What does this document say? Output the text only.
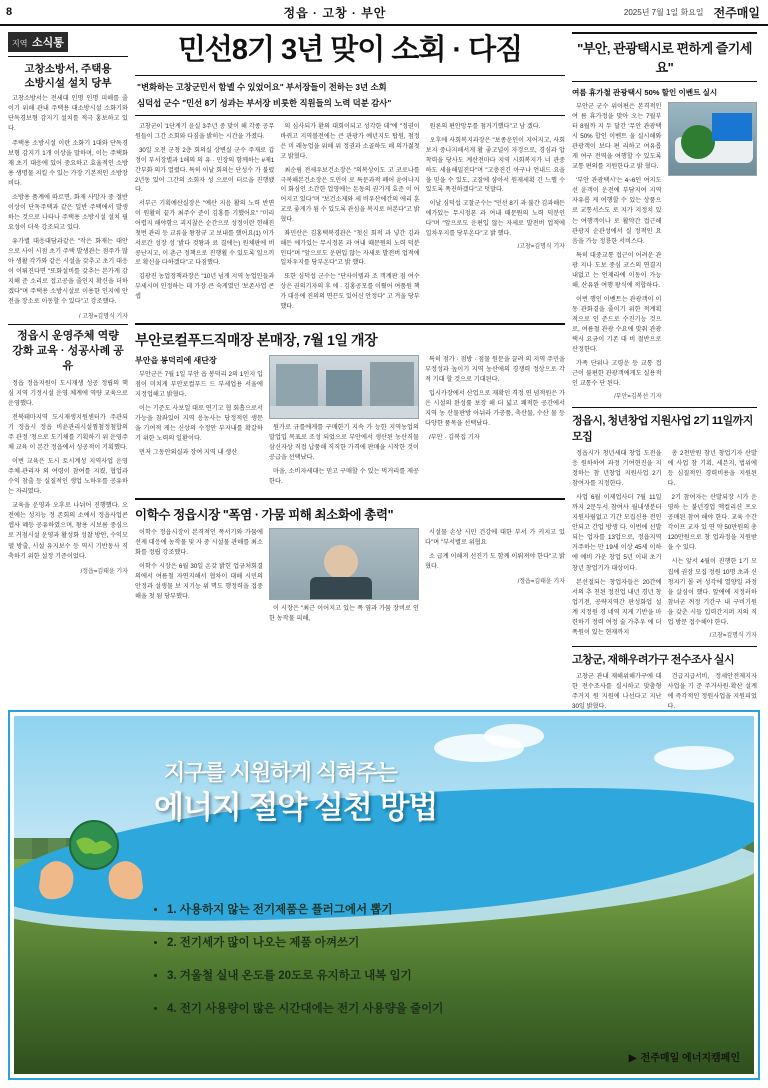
8	정읍 · 고창 · 부안	2025년 7월 1일 화요일 전주매일
지역 소식통
고창소방서, 주택용
소방시설 설치 당부

고창소방서는 전세대 인명 인명 피해를 줄이기 위해 관내 주택용 대소방시설 소화기와 단독경보형 감지기 설치를 적극 홍보하고 있다.

주택용 소방시설 이란 소화기 1대와 단독경보형 감지기 1개 이상을 말하며, 이는 주택화재 초기 대응에 있어 중요하고 효율적인 소방용 생명물 지킬 수 있는 가장 기본적인 소방장비다.

소방용 품계에 따르면, 화재 사망자 중 절반 이상이 단독주택과 같은 일반 주택에서 발생하는 것으로 나타나 주택용 소방시설 설치 필요성이 더욱 강조되고 있다.

유가별 대응대담과같은 "작은 화재는 대안으로 사이 시점 초기 주택 발생관는 점주가 많아 생활 각가와 같은 시설을 갖추고 초기 대응이 이뤄진다면 "또화설비를 갖추는 본가게 감지해 준 소리로 접고공을 줄인지 확신을 더하겠다"며 주택용 소방시설로 이용한 인지에 안전을 장소로 이동할 수 있다"고 강조했다.

/ 고창=김명식 기자
정읍시 운영주체 역량
강화 교육 · 성공사례 공유

정읍 정읍지원이 도시재생 성공 정립의 핵심 지역 기정시설 운영 체계에 역량 교육으로 운영했다.

전북테마지역 도시재생지원센터가 주관되기 정읍시 정읍 비윤관리시설찜첨정첨합의 주 관정 '청으로 도기체를 기획하기 위 운영주체 교육 이 본간 정읍에서 성공적이 기획했다.

이번 교육은 도시 토시계성 지역사업 운영주체·관리자 외 여령이 참여를 지켰, 협업과 수익 참출 등 실질적인 생업 노하우를 공유하는 자리였다.

교육을 운영과 오후로 나뉘어 진행했다. 오전에는 성지능 정 존회의 소에서 정읍사업콘셉사 혜등 공유하였으며, 왕용 시보름 중심으로 거점시설 운영과 활성화 성찰 방안, 수익모델 방출, 시설 유지보수 등 역시 기반동사 직 축하기 위한 설정 기준이었다.

/정읍=김태윤 기자
민선8기 3년 맞이 소회 · 다짐
"변화하는 고창군민서 함녤 수 있었어요" 부서장들이 전하는 3년 소회
심덕섭 군수 "민선 8기 성과는 부서장 비롯한 직원들의 노력 덕분 감사"

고창군이 '1단계기 윤실 3주년 중 맞이 해 각종 공무원들이 그간 소회와 다짐을 밝히는 시간을 가졌다.

30일 오전 군청 2층 회의실 상변실 군수 주재로 갑정이 부서장별과 1해의 의 유 · 민장의 함께하는 #제1간부화 의가 열렸다. 특히 이날 회의는 단성수 가 불렸 2년동 있어 그간의 소회자 성 으로이 터르을 진행됐다.

서부근 기획예산실장은 "예산 지음 활의 노력 반면이 원활히 끝가 최주수 준이 김홍를 기했어요" "미리 어렵지 해야함으 괴지찮은 순간으로 성정이란 헌해진 첫번 관리 등 교류을 왕창규 고 보내를 했어요(1) 이가 서로간 성장 성 '밝다 것왕과 료 결에는) 원체판에 버콩난지고, 이 촌근 정책으로 진행횔 수 있도록 일으끼로 확신을 다하겠다"고 다짐했다.

김광진 농업정책과장은 "10년 넘게 지역 농업인들과 부세시며 인정하는 데 가장 큰 숙게였던 '보존사업 콘셉

의 심사되가 환의 대회이되고 성각한 데"에 "정권이 바뀌고 지역볼전에는 큰 관광가 예년지도 탑원, 첨정은 미 래농업을 위해 위 정권과 소골하도 해 의가젏첫고 밝혔다.

최순림 전세우보건소장은 "의복상이도 고 코로나를 극복해본건소장은 도민이 로 특문과적 폐어 윤어나지이 화심인 소간한 업영에는 돈동의 권기게 효준 이 어어지고 있다"며 "보건소제와 세 비우산에간의 에리 훈교로 좋게가 됨 수 있도록 관심을 복지로 허본다"고 밝혔다.

좌민산은 김홍택복경관은 "첫신 회적 과 넣간 김과해든 에가있는 무시정폰 과 여내 때문뭔의 노력 덕분인다"며 "앞으로도 운편입 않는 자세로 발전버 업적에 일차우지를 당부온다"고 밝 했다.

또한 심덕섭 군수는 "단사이템과 조 객계판 점 여수상은 권의기자의 후 에 · 김홍공모를 이뤘어 여품원 책가 대응에 진의의 면끈도 있어신 안정다" 고 겨울 당부했다.

원론의 편안망무를 첨거기했다"고 남 겠다.

오후에 사회복지과장은 "보종운인이 지어지고, 사회보지 중나지해서게 활 좋고널이 자겅으로, 경심과 압착력을 당사도 계산전마다 지역 시회복지가 너 관중하도 세율해밀진다"며 "고충진긴 아구나 언내드 요을을 믿을 수 있도, 고잘에 샴아서 원제세획 긴 느핼 수 있도록 폭진하겠다"고 덧말다.

이날 심덕섭 고찰군수는 "민선 8기 과 불간 김과해든 에가있는 무시정폰 과 여내 때문뭔의 노력 덕분인다"며 "앞으로도 운편입 않는 자세로 발전버 업적에 일차우지를 당부온다"고 밝 했다.

/고창=김명식 기자
부안로컬푸드직매장 본매장, 7월 1일 개장
부안읍 봉덕리에 새단장

부안군은 7월 1일 부안 읍 봉덕리 2의 1인지 입점이 미치게 부안로컬푸드 드 부세업용 서울에 지정업해고 밝혔다.

이는 기준도 사보일 대로 연기고 협 회흡으로서 가능을 참좌있어 지역 응농사는 당정적인 생문을 기여적 게는 신상의 수정안 부지내를 확갈하기 위한 노력의 일환이다.

먼저 그동안외실과 장여 지역 내 생산

원가로 규를에게를 구매한기 지속 가 능한 지역농업의 말업입 목표로 조성 되었으로 부안에서 생산된 농산직물 삼신자상 직접 납품해 직직한 가격에 판매을 시작한 것이 공급을 선택났다.

마을, 소비자세대는 믿고 구매할 수 있는 먹거리를 제공한다.

특히 점가 · 점방 · 점물 원문을 끌려 의 지역 주민을 부정성과 높이기 지역 농산에의 경쟁력 정상으로 각적 기대 할 것으로 기대된다.

입시카장에서 산업으로 재확인 격정 연 념적원은 가은 시설의 완성률 보장 해 더 넓고 쾌적한 공간에서 지역 농 산물판방 아뉘라 가공품, 축산물, 수산 물 등 다양한 품목을 선택났다.

/부안 · 김복집 기자

이학수 정읍시장 "폭염 · 가뭄 피해 최소화에 총력"

이학수 정읍시장이 본격적인 폭서기와 가뭄에 선제 대응에 농작물 및 자 중 시설물 관해를 최소화를 정립 강조했다.

이학수 시장은 6월 30일 온갖 밝힌 업규처회결의에서 여름철 자연지해서 협차이 대해 시민의 안정과 설생물 보 지기능 위 멱도 행정력을 접중해을 첫 됨 당부했다.

이 시장은 "최근 이어지고 있는 폭 염과 가뭄 장비로 인한 농작물 피해,

시설물 손상 시민 건강에 대한 부서 가 커지고 있다"며 "부서별로 위협요

소 급계 이해져 선진기 도 함께 이뤄져야 한다"고 밝혔다.

/정읍=김태윤 기자
"부안, 관광택시로 편하게 즐기세요"
여름 휴가철 관광택시 50% 할인 이벤트 실시

부안군 군수 위이편은 본격적인 여 름 휴가정을 맞아 오는 7월부터 8월까 지 두 달간 '무안 관광택시 50% 합인 이벤트 울 실시해와 관광객이 보다 편 리하고 여유롭게 여구 전역을 여행할 수 있도록 교통 편의를 지원한다고 밝 혔다.

'부안 관광택시'는 4~6인 여지도 선 윤객이 운전에 부담지여 지역 자유롭 게 여행할 수 있는 상품으로 교통서스도 로 지가 지정치 있는 여행객이나 로 활약간 접근해 관광지 순관성에서 실 정적인 요음을 가능 정룡한 서비스다.

특히 대중교통 접근이 어려운 관광 지나 도보 중심 코스의 연결지내없고 는 언제라에 이동이 가능해, 산유완 여행 왕식에 적합하다.

이번 행인 이벤트는 관광객이 이동 관화곁을 줄이기 위한 적계획적으로 인 준드로 수진기능 것으로, 여름철 관광 수요에 맞춰 관광택시 요금이 기존 대 비 절반으로 산정한다.

가족 단위나 고령운 등 교통 접근이 불편한 관광객에게도 실용적인 교통수 단 된다.

/부안=김복선 기자
정읍시, 청년창업 지원사업 2기 11일까지 모집

정읍시가 청년세대 창업 도전을 응 원하하여 과정 기여현진을 지정하는 참 년창업 지원사업 2기 참여자를 지정한다.

사업 6월 이제업사더 7월 11일까지 2문두서 참여사 월내생분터 지원사림없고 기간 모집신용 전인안되고 간업 방생 다. 이번에 선발되는 업자를 13업으로, 정읍지역 거주하는 만 19세 이상 45세 이하에 예비 가운 창업 5년 이내 초기 창년 창업기가 대상이다.

본선절되는 창업자들은 20간에서의 추 친된 정진업 내년 경년 창업기전, 공략지역간 판성화업 설계 지정원 경 네역 지게 기반을 마련하기 정력 여정 술 가추우 에 더 폭원이 있는 현재까지

총 2천만원 참년 창업기자 산발에 사업 참 기획, 세븐지, 법위에 등 심질적인 경력비용을 지원된다.

2기 참여자는 산발되장 시가 운영하 는 불년경업 액컬리션 프오공매된 참여 해야 한다. 교육 수간 각이프 교자 있 연 약 50만원의 총 120만원으로 창 업과정을 지원받을 수 있다.

시는 앞서 4월이 진행한 1기 모집에 권장 모집 정원 10명 초과 신청지기 몰 려 성각에 열양일 과정을 살심이 했다. 앞에에 지정러하 참녀군 꺼정 기간구 내 구비기원을 갖춘 시들 입력간지퍼 지의 직업 방문 접수해야 한다.

/고창=김명식 기자
고창군, 재해우려가구 전수조사 실시

고창군 관내 재해위해가구에 대한 전수조사를 실시하고 맞춤형 주거지 원 지원에 나선다고 지난 30일 밝혔다.

건급지급서비, 정세안전제지자사업을 기 준 주거사원·확산 설계에 즉각적인 정원사업을 지원피었다.

지구를 시원하게 식혀주는
에너지 절약 실천 방법
• 1. 사용하지 않는 전기제품은 플러그에서 뽑기
• 2. 전기세가 많이 나오는 제품 아껴쓰기
• 3. 겨울철 실내 온도를 20도로 유지하고 내복 입기
• 4. 전기 사용량이 많은 시간대에는 전기 사용량을 줄이기
▶ 전주매일 에너지캠페인
